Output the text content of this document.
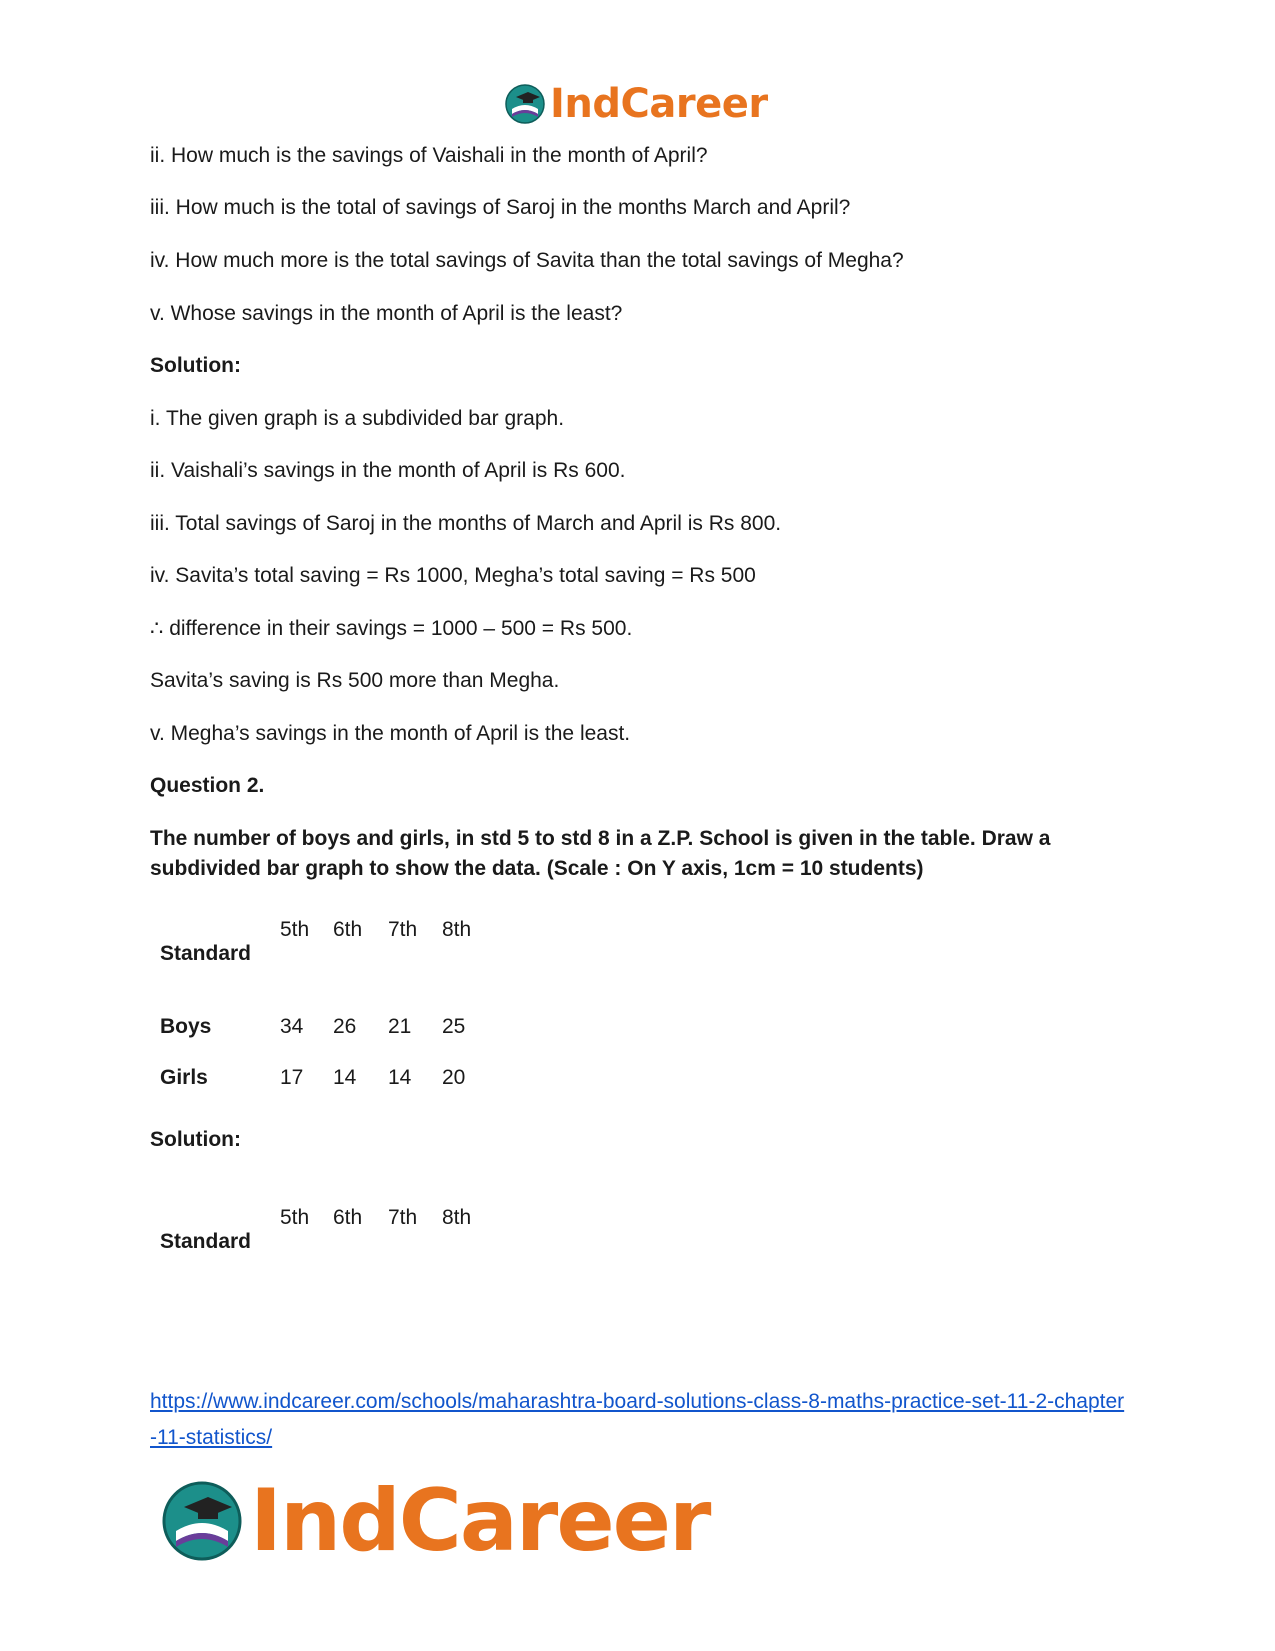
IndCareer
ii. How much is the savings of Vaishali in the month of April?
iii. How much is the total of savings of Saroj in the months March and April?
iv. How much more is the total savings of Savita than the total savings of Megha?
v. Whose savings in the month of April is the least?
Solution:
i. The given graph is a subdivided bar graph.
ii. Vaishali’s savings in the month of April is Rs 600.
iii. Total savings of Saroj in the months of March and April is Rs 800.
iv. Savita’s total saving = Rs 1000, Megha’s total saving = Rs 500
∴ difference in their savings = 1000 – 500 = Rs 500.
Savita’s saving is Rs 500 more than Megha.
v. Megha’s savings in the month of April is the least.
Question 2.
The number of boys and girls, in std 5 to std 8 in a Z.P. School is given in the table. Draw a subdivided bar graph to show the data. (Scale : On Y axis, 1cm = 10 students)
Standard
5th 6th 7th 8th
Boys	34 26 21 25
Girls	17 14 14 20
Solution:
Standard
5th 6th 7th 8th
https://www.indcareer.com/schools/maharashtra-board-solutions-class-8-maths-practice-set-11-2-chapter-11-statistics/
IndCareer
